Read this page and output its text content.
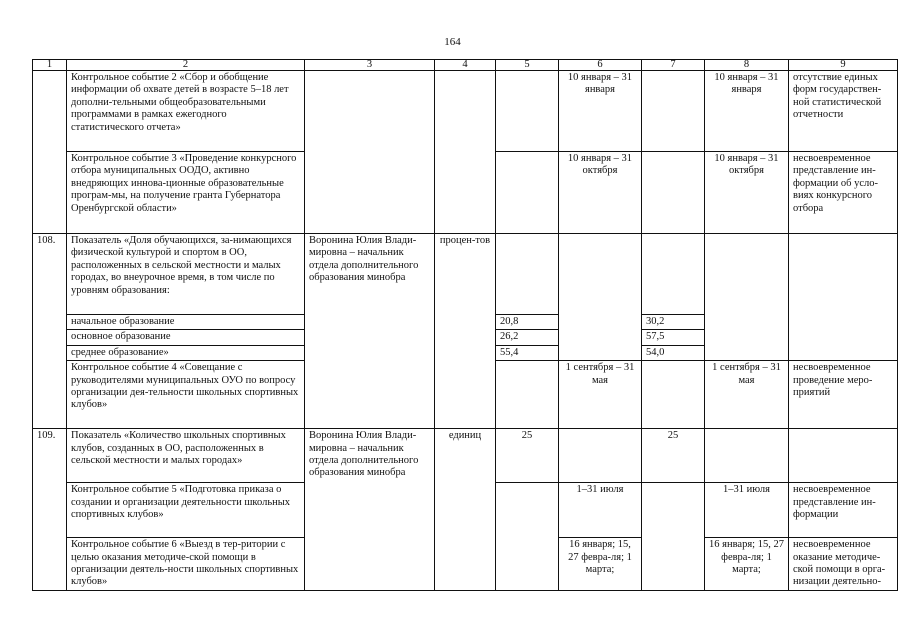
164
1	2	3	4	5	6	7	8	9
	Контрольное событие 2 «Сбор и обобщение информации об охвате детей в возрасте 5–18 лет дополни-тельными общеобразовательными программами в рамках ежегодного статистического отчета»				10 января – 31 января		10 января – 31 января	отсутствие единых форм государствен-ной статистической отчетности
	Контрольное событие 3 «Проведение конкурсного отбора муниципальных ООДО, активно внедряющих иннова-ционные образовательные програм-мы, на получение гранта Губернатора Оренбургской области»				10 января – 31 октября		10 января – 31 октября	несвоевременное представление ин-формации об усло-виях конкурсного отбора
108.	Показатель «Доля обучающихся, за-нимающихся физической культурой и спортом в ОО, расположенных в сельской местности и малых городах, во внеурочное время, в том числе по уровням образования:	Воронина Юлия Влади-мировна – начальник отдела дополнительного образования минобра	процен-тов					
	начальное образование			20,8		30,2		
	основное образование			26,2		57,5		
	среднее образование»			55,4		54,0		
	Контрольное событие 4 «Совещание с руководителями муниципальных ОУО по вопросу организации дея-тельности школьных спортивных клубов»				1 сентября – 31 мая		1 сентября – 31 мая	несвоевременное проведение меро-приятий
109.	Показатель «Количество школьных спортивных клубов, созданных в ОО, расположенных в сельской местности и малых городах»	Воронина Юлия Влади-мировна – начальник отдела дополнительного образования минобра	единиц	25		25		
	Контрольное событие 5 «Подготовка приказа о создании и организации деятельности школьных спортивных клубов»				1–31 июля		1–31 июля	несвоевременное представление ин-формации
	Контрольное событие 6 «Выезд в тер-ритории с целью оказания методиче-ской помощи в организации деятель-ности школьных спортивных клубов»				16 января; 15, 27 февра-ля; 1 марта;		16 января; 15, 27 февра-ля; 1 марта;	несвоевременное оказание методиче-ской помощи в орга-низации деятельно-
